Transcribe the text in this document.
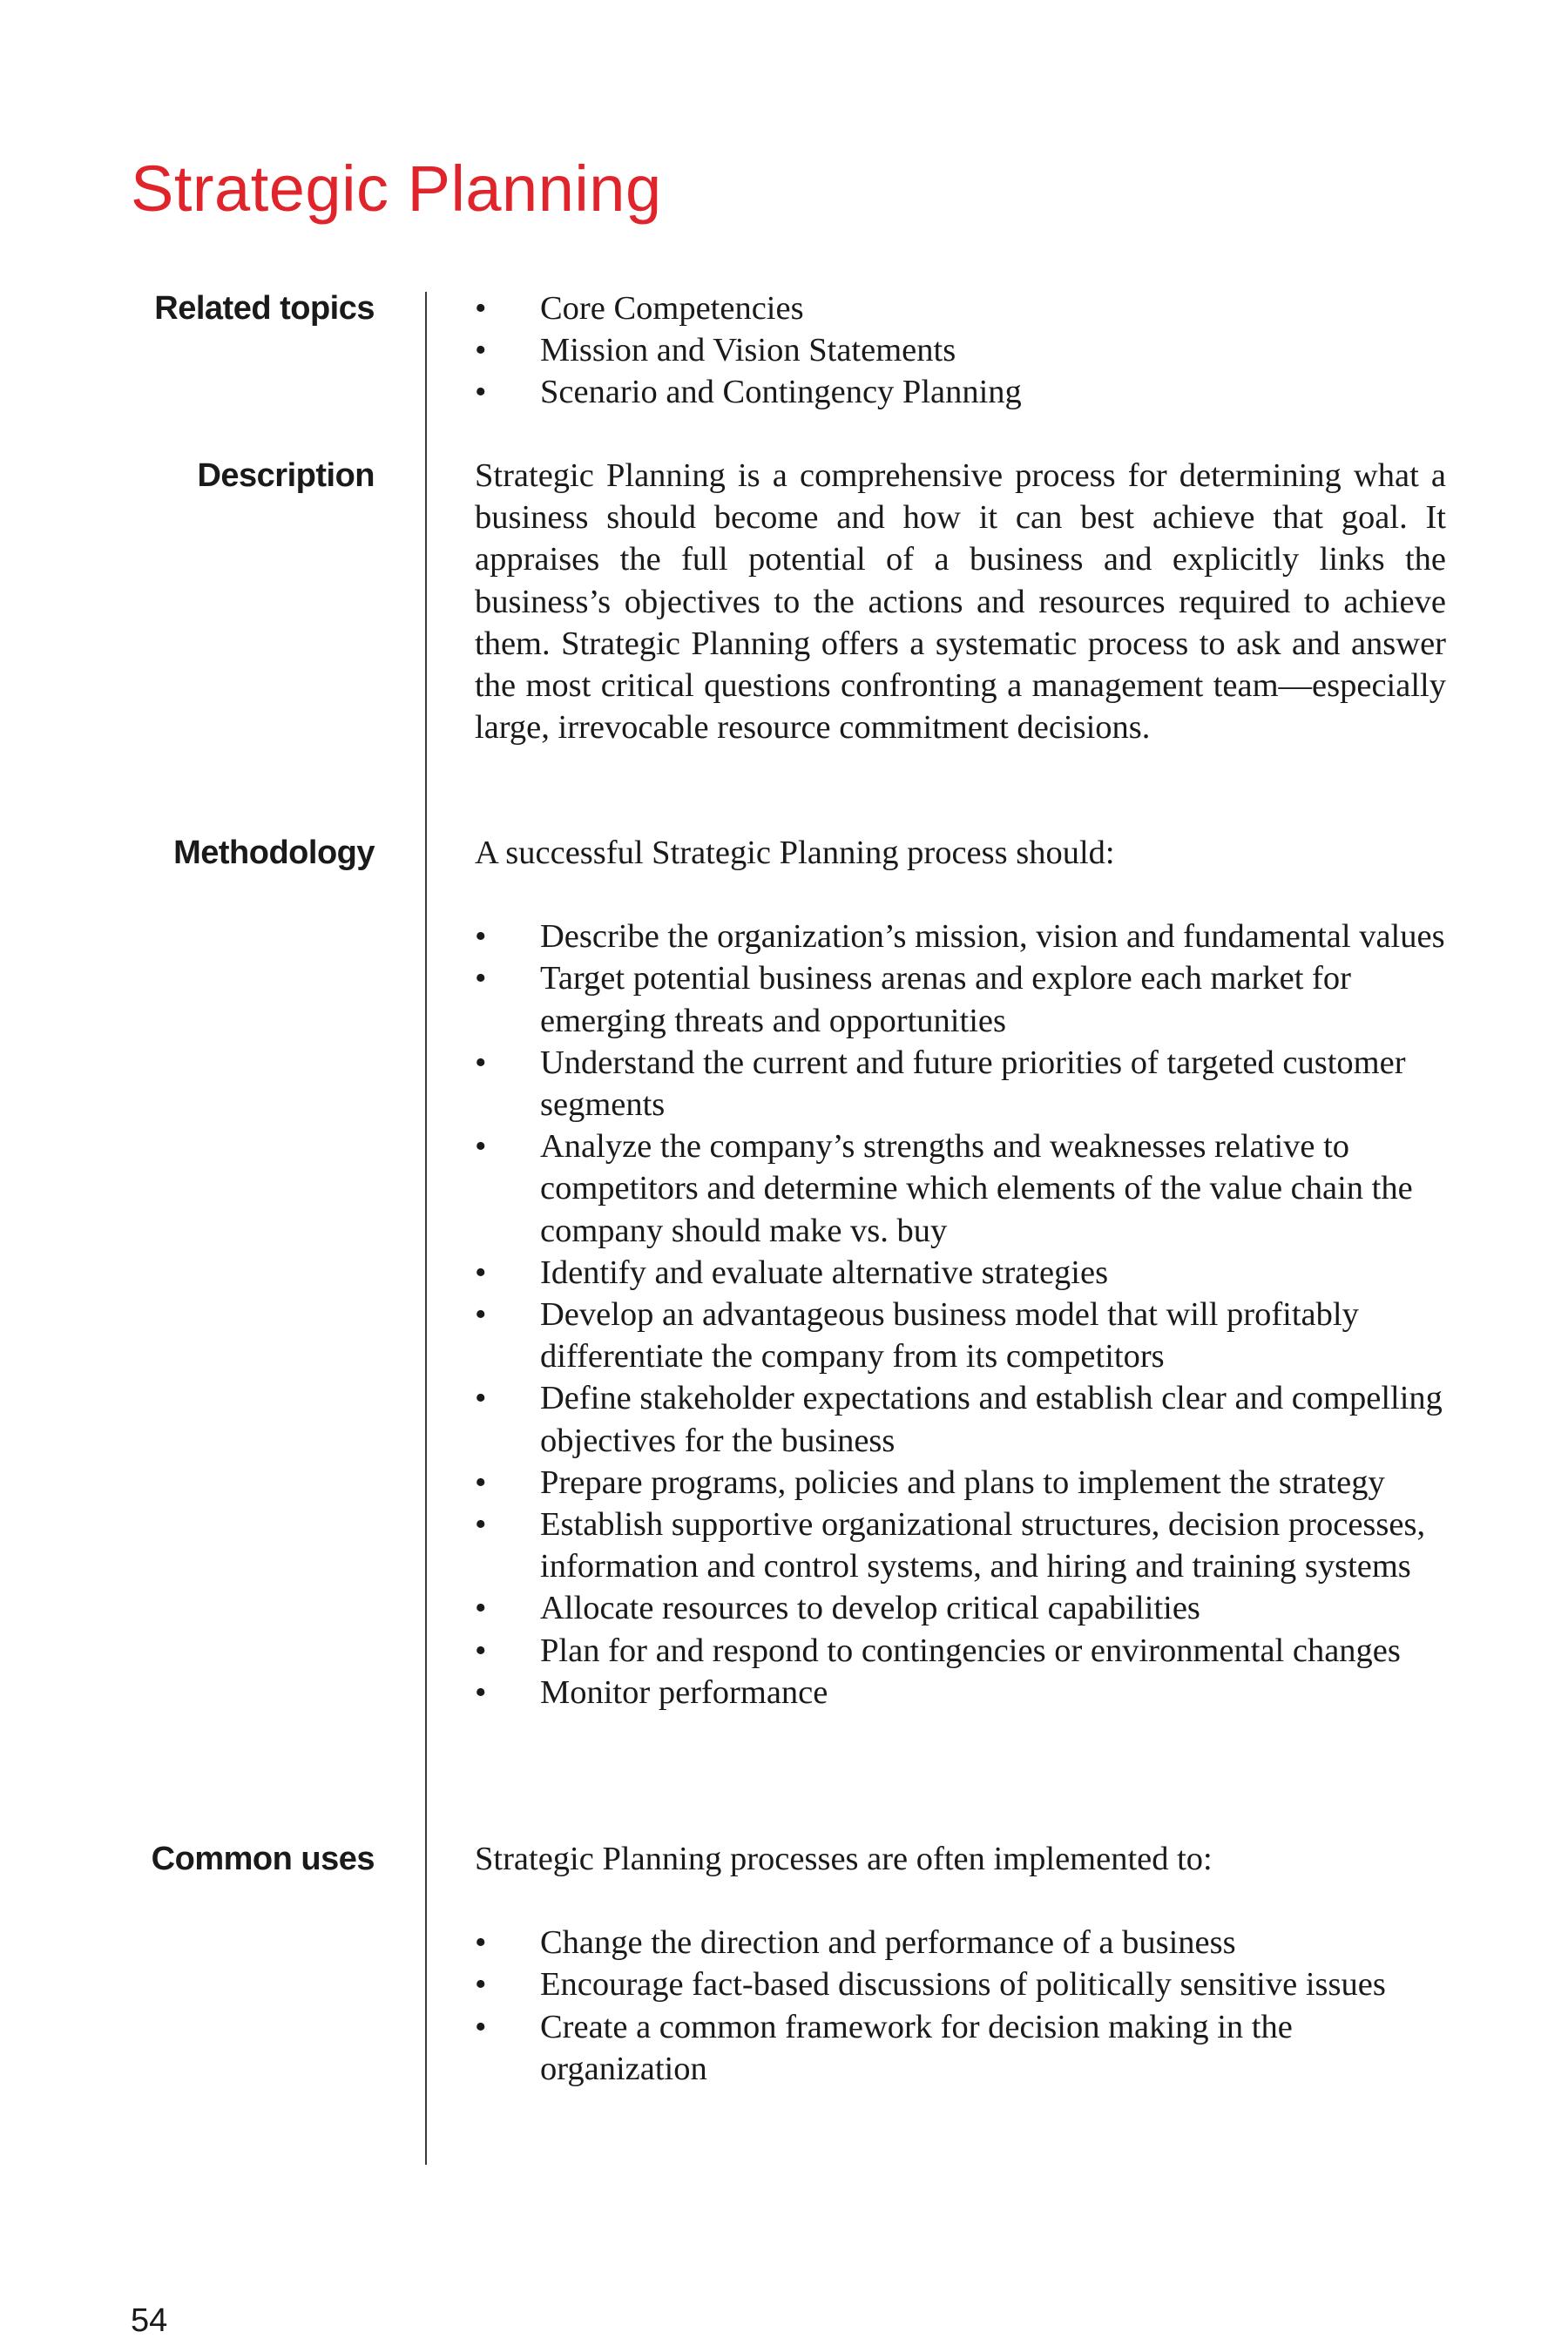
Strategic Planning
Related topics	• Core Competencies
• Mission and Vision Statements
• Scenario and Contingency Planning
Description	Strategic Planning is a comprehensive process for determining what a business should become and how it can best achieve that goal. It appraises the full potential of a business and explicitly links the business’s objectives to the actions and resources required to achieve them. Strategic Planning offers a systematic process to ask and answer the most critical questions confronting a management team—especially large, irrevocable resource commitment decisions.

Methodology	A successful Strategic Planning process should:

• Describe the organization’s mission, vision and fundamental values
• Target potential business arenas and explore each market for emerging threats and opportunities
• Understand the current and future priorities of targeted customer segments
• Analyze the company’s strengths and weaknesses relative to competitors and determine which elements of the value chain the company should make vs. buy
• Identify and evaluate alternative strategies
• Develop an advantageous business model that will profitably differentiate the company from its competitors
• Define stakeholder expectations and establish clear and compelling objectives for the business
• Prepare programs, policies and plans to implement the strategy
• Establish supportive organizational structures, decision processes, information and control systems, and hiring and training systems
• Allocate resources to develop critical capabilities
• Plan for and respond to contingencies or environmental changes
• Monitor performance
Common uses	Strategic Planning processes are often implemented to:

• Change the direction and performance of a business
• Encourage fact-based discussions of politically sensitive issues
• Create a common framework for decision making in the organization
54
